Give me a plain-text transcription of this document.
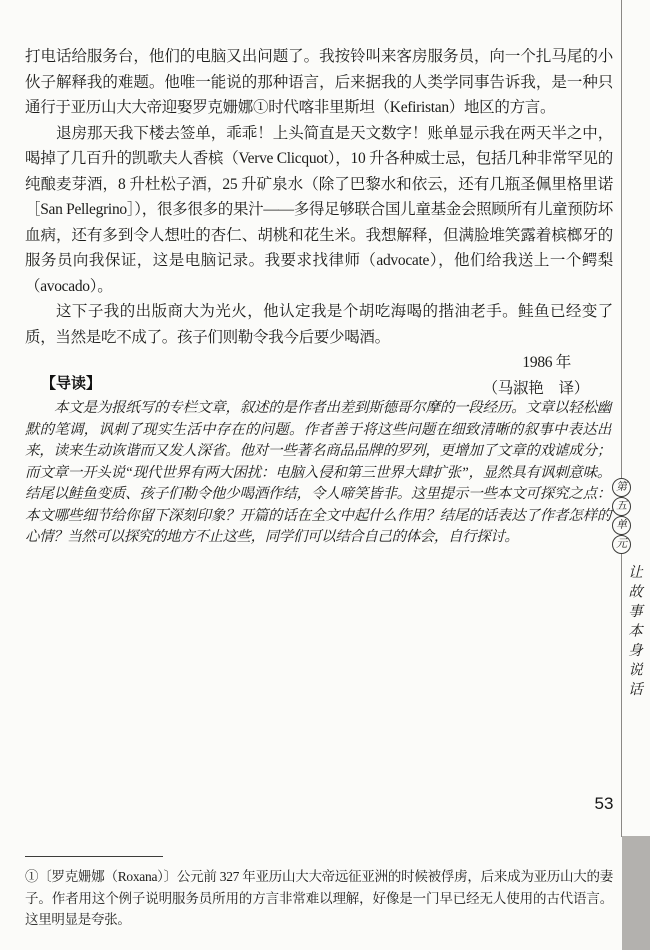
打电话给服务台，他们的电脑又出问题了。我按铃叫来客房服务员，向一个扎马尾的小伙子解释我的难题。他唯一能说的那种语言，后来据我的人类学同事告诉我，是一种只通行于亚历山大大帝迎娶罗克姗娜①时代喀非里斯坦（Kefiristan）地区的方言。

退房那天我下楼去签单，乖乖！上头简直是天文数字！账单显示我在两天半之中，喝掉了几百升的凯歌夫人香槟（Verve Clicquot），10 升各种威士忌，包括几种非常罕见的纯酿麦芽酒，8 升杜松子酒，25 升矿泉水（除了巴黎水和依云，还有几瓶圣佩里格里诺［San Pellegrino］），很多很多的果汁——多得足够联合国儿童基金会照顾所有儿童预防坏血病，还有多到令人想吐的杏仁、胡桃和花生米。我想解释，但满脸堆笑露着槟榔牙的服务员向我保证，这是电脑记录。我要求找律师（advocate），他们给我送上一个鳄梨（avocado）。

这下子我的出版商大为光火，他认定我是个胡吃海喝的揩油老手。鲑鱼已经变了质，当然是吃不成了。孩子们则勒令我今后要少喝酒。

1986 年

（马淑艳　译）

【导读】

本文是为报纸写的专栏文章，叙述的是作者出差到斯德哥尔摩的一段经历。文章以轻松幽默的笔调，讽刺了现实生活中存在的问题。作者善于将这些问题在细致清晰的叙事中表达出来，读来生动诙谐而又发人深省。他对一些著名商品品牌的罗列，更增加了文章的戏谑成分；而文章一开头说“现代世界有两大困扰：电脑入侵和第三世界大肆扩张”，显然具有讽刺意味。结尾以鲑鱼变质、孩子们勒令他少喝酒作结，令人啼笑皆非。这里提示一些本文可探究之点：本文哪些细节给你留下深刻印象？开篇的话在全文中起什么作用？结尾的话表达了作者怎样的心情？当然可以探究的地方不止这些，同学们可以结合自己的体会，自行探讨。

①〔罗克姗娜（Roxana）〕公元前 327 年亚历山大大帝远征亚洲的时候被俘虏，后来成为亚历山大的妻子。作者用这个例子说明服务员所用的方言非常难以理解，好像是一门早已经无人使用的古代语言。这里明显是夸张。

第
五
单
元
让故事本身说话
53
